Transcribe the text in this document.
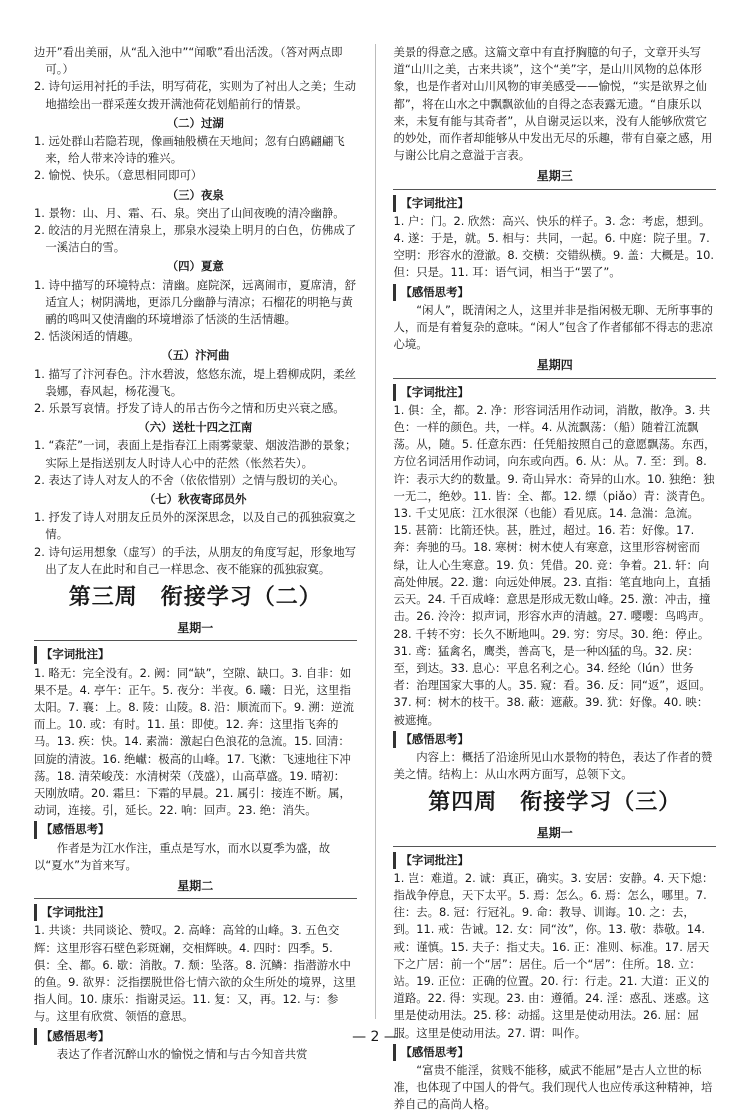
边开”看出美丽，从“乱入池中”“闻歌”看出活泼。（答对两点即可。）

2. 诗句运用衬托的手法，明写荷花，实则为了衬出人之美；生动地描绘出一群采莲女拨开满池荷花划船前行的情景。

（二）过湖

1. 远处群山若隐若现，像画轴般横在天地间；忽有白鸥翩翩飞来，给人带来冷诗的雅兴。

2. 愉悦、快乐。（意思相同即可）

（三）夜泉

1. 景物：山、月、霜、石、泉。突出了山间夜晚的清冷幽静。

2. 皎洁的月光照在清泉上，那泉水浸染上明月的白色，仿佛成了一溪洁白的雪。

（四）夏意

1. 诗中描写的环境特点：清幽。庭院深，远离闹市，夏席清，舒适宜人；树阴满地，更添几分幽静与清凉；石榴花的明艳与黄鹂的鸣叫又使清幽的环境增添了恬淡的生活情趣。

2. 恬淡闲适的情趣。

（五）汴河曲

1. 描写了汴河春色。汴水碧波，悠悠东流，堤上碧柳成阴，柔丝袅娜，春风起，杨花漫飞。

2. 乐景写哀情。抒发了诗人的吊古伤今之情和历史兴衰之感。

（六）送杜十四之江南

1. “森茫”一词，表面上是指春江上雨雾蒙蒙、烟波浩渺的景象；实际上是指送别友人时诗人心中的茫然（怅然若失）。

2. 表达了诗人对友人的不舍（依依惜别）之情与殷切的关心。

（七）秋夜寄邱员外

1. 抒发了诗人对朋友丘员外的深深思念，以及自己的孤独寂寞之情。

2. 诗句运用想象（虚写）的手法，从朋友的角度写起，形象地写出了友人在此时和自己一样思念、夜不能寐的孤独寂寞。

第三周　衔接学习（二）
星期一
【字词批注】

1. 略无：完全没有。2. 阙：同“缺”，空隙、缺口。3. 自非：如果不是。4. 亭午：正午。5. 夜分：半夜。6. 曦：日光，这里指太阳。7. 襄：上。8. 陵：山陵。8. 沿：顺流而下。9. 溯：逆流而上。10. 或：有时。11. 虽：即使。12. 奔：这里指飞奔的马。13. 疾：快。14. 素湍：激起白色浪花的急流。15. 回清：回旋的清波。16. 绝𪩘：极高的山峰。17. 飞漱：飞速地往下冲荡。18. 清荣峻茂：水清树荣（茂盛），山高草盛。19. 晴初：天刚放晴。20. 霜旦：下霜的早晨。21. 属引：接连不断。属，动词，连接。引，延长。22. 响：回声。23. 绝：消失。

【感悟思考】

作者是为江水作注，重点是写水，而水以夏季为盛，故以“夏水”为首来写。

星期二
【字词批注】

1. 共谈：共同谈论、赞叹。2. 高峰：高耸的山峰。3. 五色交辉：这里形容石壁色彩斑斓，交相辉映。4. 四时：四季。5. 俱：全、都。6. 歇：消散。7. 颓：坠落。8. 沉鳞：指潜游水中的鱼。9. 欲界：泛指摆脱世俗七情六欲的众生所处的境界，这里指人间。10. 康乐：指谢灵运。11. 复：又，再。12. 与：参与。这里有欣赏、领悟的意思。

【感悟思考】

表达了作者沉醉山水的愉悦之情和与古今知音共赏

美景的得意之感。这篇文章中有直抒胸臆的句子，文章开头写道“山川之美，古来共谈”，这个“美”字，是山川风物的总体形象，也是作者对山川风物的审美感受——愉悦，“实是欲界之仙都”，将在山水之中飘飘欲仙的自得之态表露无遗。“自康乐以来，未复有能与其奇者”，从自谢灵运以来，没有人能够欣赏它的妙处，而作者却能够从中发出无尽的乐趣，带有自豪之感，用与谢公比肩之意溢于言表。

星期三
【字词批注】

1. 户：门。2. 欣然：高兴、快乐的样子。3. 念：考虑，想到。4. 遂：于是，就。5. 相与：共同，一起。6. 中庭：院子里。7. 空明：形容水的澄澈。8. 交横：交错纵横。9. 盖：大概是。10. 但：只是。11. 耳：语气词，相当于“罢了”。

【感悟思考】

“闲人”，既清闲之人，这里并非是指闲极无聊、无所事事的人，而是有着复杂的意味。“闲人”包含了作者郁郁不得志的悲凉心境。

星期四
【字词批注】

1. 俱：全，都。2. 净：形容词活用作动词，消散，散净。3. 共色：一样的颜色。共，一样。4. 从流飘荡：（船）随着江流飘荡。从，随。5. 任意东西：任凭船按照自己的意愿飘荡。东西，方位名词活用作动词，向东或向西。6. 从：从。7. 至：到。8. 许：表示大约的数量。9. 奇山异水：奇异的山水。10. 独绝：独一无二，绝妙。11. 皆：全、都。12. 缥（piǎo）青：淡青色。13. 千丈见底：江水很深（也能）看见底。14. 急湍：急流。15. 甚箭：比箭还快。甚，胜过，超过。16. 若：好像。17. 奔：奔驰的马。18. 寒树：树木使人有寒意，这里形容树密而绿，让人心生寒意。19. 负：凭借。20. 竞：争着。21. 轩：向高处伸展。22. 邈：向远处伸展。23. 直指：笔直地向上，直插云天。24. 千百成峰：意思是形成无数山峰。25. 激：冲击，撞击。26. 泠泠：拟声词，形容水声的清越。27. 嘤嘤：鸟鸣声。28. 千转不穷：长久不断地叫。29. 穷：穷尽。30. 绝：停止。31. 鸢：猛禽名，鹰类，善高飞，是一种凶猛的鸟。32. 戾：至，到达。33. 息心：平息名利之心。34. 经纶（lún）世务者：治理国家大事的人。35. 窥：看。36. 反：同“返”，返回。37. 柯：树木的枝干。38. 蔽：遮蔽。39. 犹：好像。40. 映：被遮掩。

【感悟思考】

内容上：概括了沿途所见山水景物的特色，表达了作者的赞美之情。结构上：从山水两方面写，总领下文。

第四周　衔接学习（三）
星期一
【字词批注】

1. 岂：难道。2. 诚：真正，确实。3. 安居：安静。4. 天下熄：指战争停息，天下太平。5. 焉：怎么。6. 焉：怎么，哪里。7. 往：去。8. 冠：行冠礼。9. 命：教导、训诲。10. 之：去，到。11. 戒：告诫。12. 女：同“汝”，你。13. 敬：恭敬。14. 戒：谨慎。15. 夫子：指丈夫。16. 正：准则、标准。17. 居天下之广居：前一个“居”：居住。后一个“居”：住所。18. 立：站。19. 正位：正确的位置。20. 行：行走。21. 大道：正义的道路。22. 得：实现。23. 由：遵循。24. 淫：惑乱、迷惑。这里是使动用法。25. 移：动摇。这里是使动用法。26. 屈：屈服。这里是使动用法。27. 谓：叫作。

【感悟思考】

“富贵不能淫，贫贱不能移，威武不能屈”是古人立世的标准，也体现了中国人的骨气。我们现代人也应传承这种精神，培养自己的高尚人格。

— 2 —
